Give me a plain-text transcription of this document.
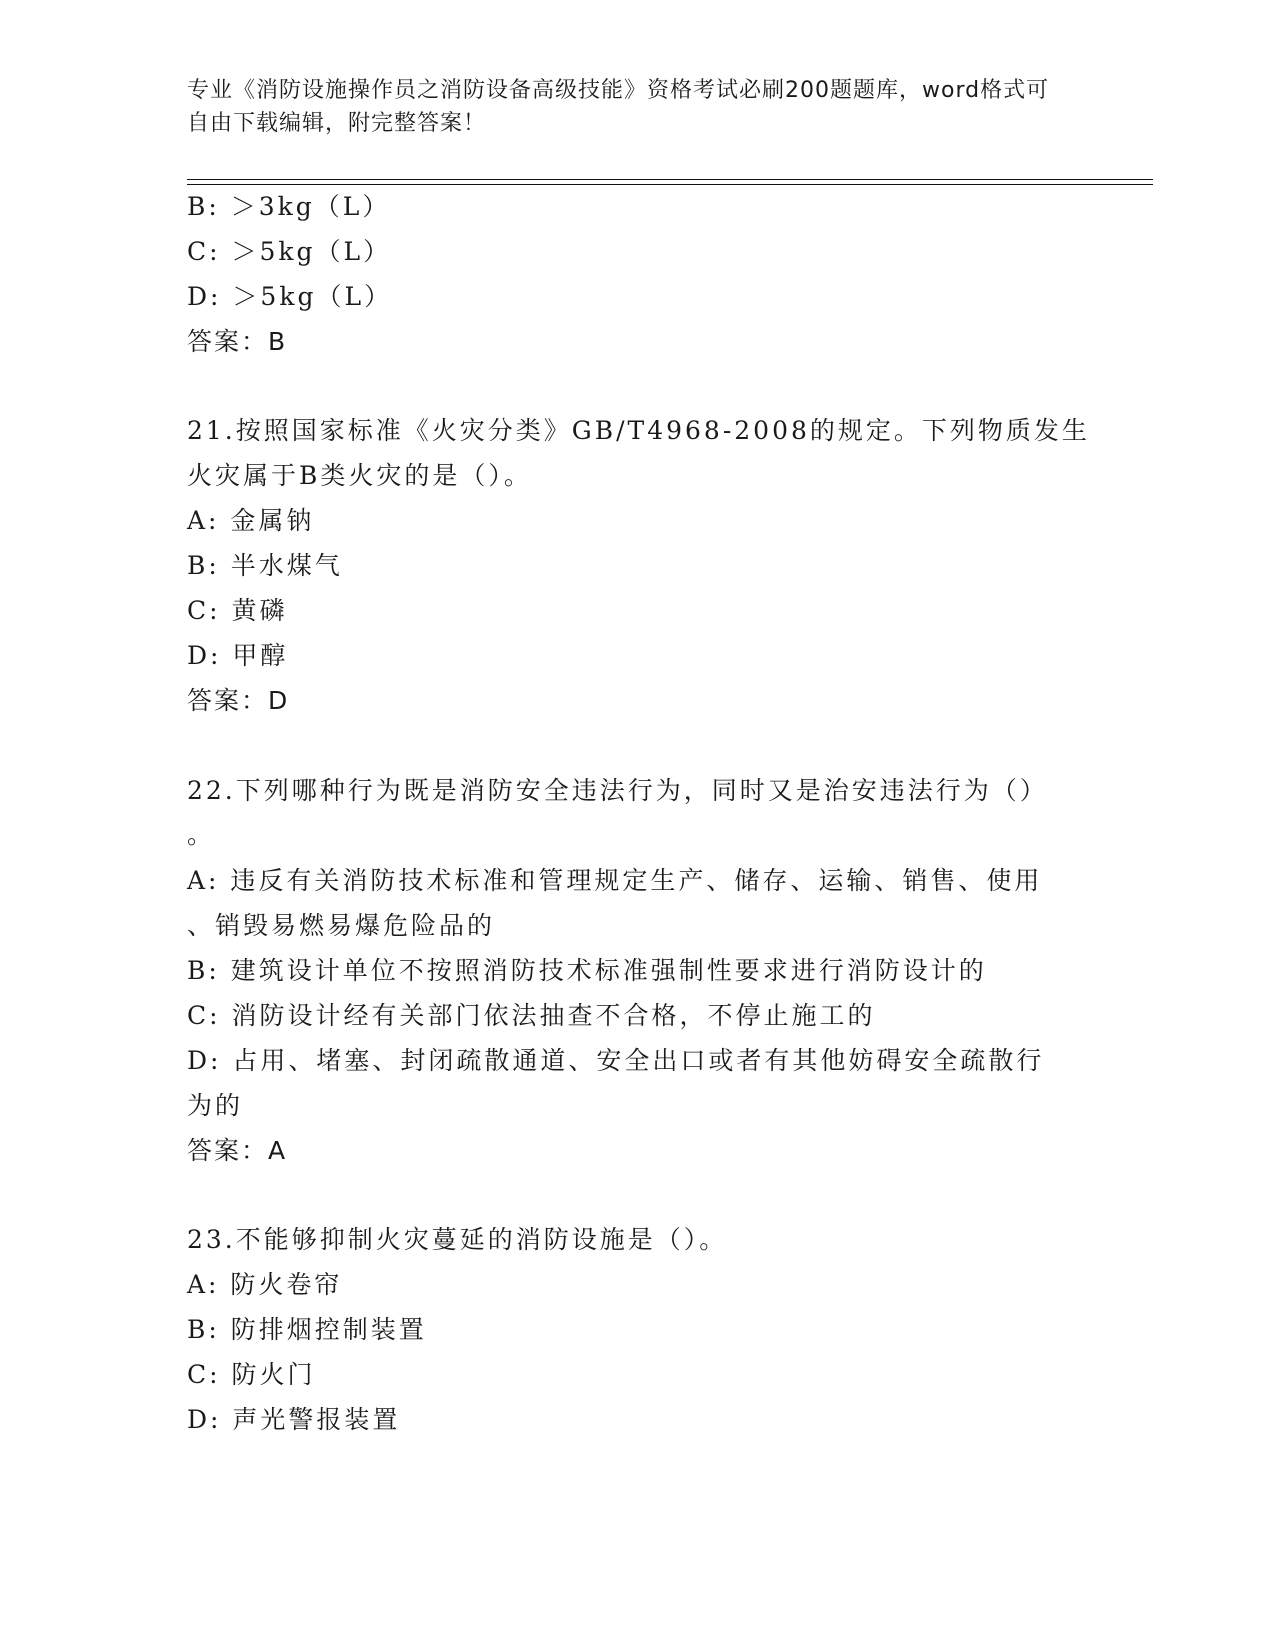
专业《消防设施操作员之消防设备高级技能》资格考试必刷200题题库，word格式可自由下载编辑，附完整答案！
B: ＞3kg（L）
C: ＞5kg（L）
D: ＞5kg（L）
答案：B
21.按照国家标准《火灾分类》GB/T4968-2008的规定。下列物质发生
火灾属于B类火灾的是（）。
A: 金属钠
B: 半水煤气
C: 黄磷
D: 甲醇
答案：D
22.下列哪种行为既是消防安全违法行为，同时又是治安违法行为（）
。
A: 违反有关消防技术标准和管理规定生产、储存、运输、销售、使用
、销毁易燃易爆危险品的
B: 建筑设计单位不按照消防技术标准强制性要求进行消防设计的
C: 消防设计经有关部门依法抽查不合格，不停止施工的
D: 占用、堵塞、封闭疏散通道、安全出口或者有其他妨碍安全疏散行
为的
答案：A
23.不能够抑制火灾蔓延的消防设施是（）。
A: 防火卷帘
B: 防排烟控制装置
C: 防火门
D: 声光警报装置
